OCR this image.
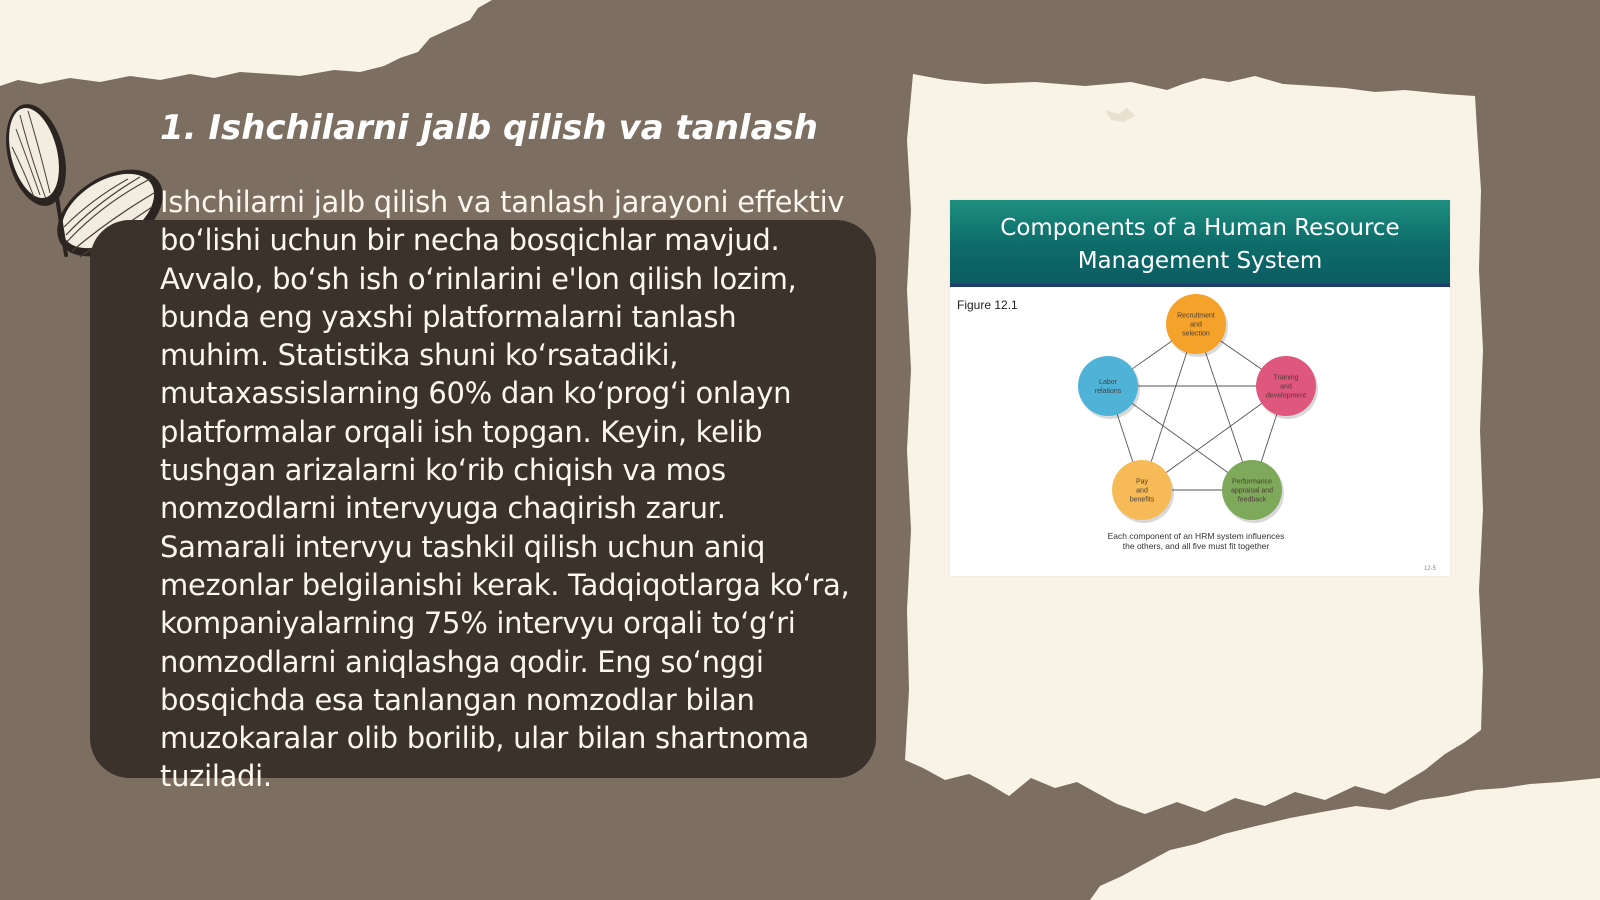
1. Ishchilarni jalb qilish va tanlash

Ishchilarni jalb qilish va tanlash jarayoni effektiv boʻlishi uchun bir necha bosqichlar mavjud. Avvalo, boʻsh ish oʻrinlarini e'lon qilish lozim, bunda eng yaxshi platformalarni tanlash muhim. Statistika shuni koʻrsatadiki, mutaxassislarning 60% dan koʻprogʻi onlayn platformalar orqali ish topgan. Keyin, kelib tushgan arizalarni koʻrib chiqish va mos nomzodlarni intervyuga chaqirish zarur. Samarali intervyu tashkil qilish uchun aniq mezonlar belgilanishi kerak. Tadqiqotlarga koʻra, kompaniyalarning 75% intervyu orqali toʻgʻri nomzodlarni aniqlashga qodir. Eng soʻnggi bosqichda esa tanlangan nomzodlar bilan muzokaralar olib borilib, ular bilan shartnoma tuziladi.

Components of a Human Resource Management System

Figure 12.1
Recruitment
and
selection
Training
and
development
Performance
appraisal and
feedback
Pay
and
benefits
Labor
relations
Each component of an HRM system influences
the others, and all five must fit together
12-5
